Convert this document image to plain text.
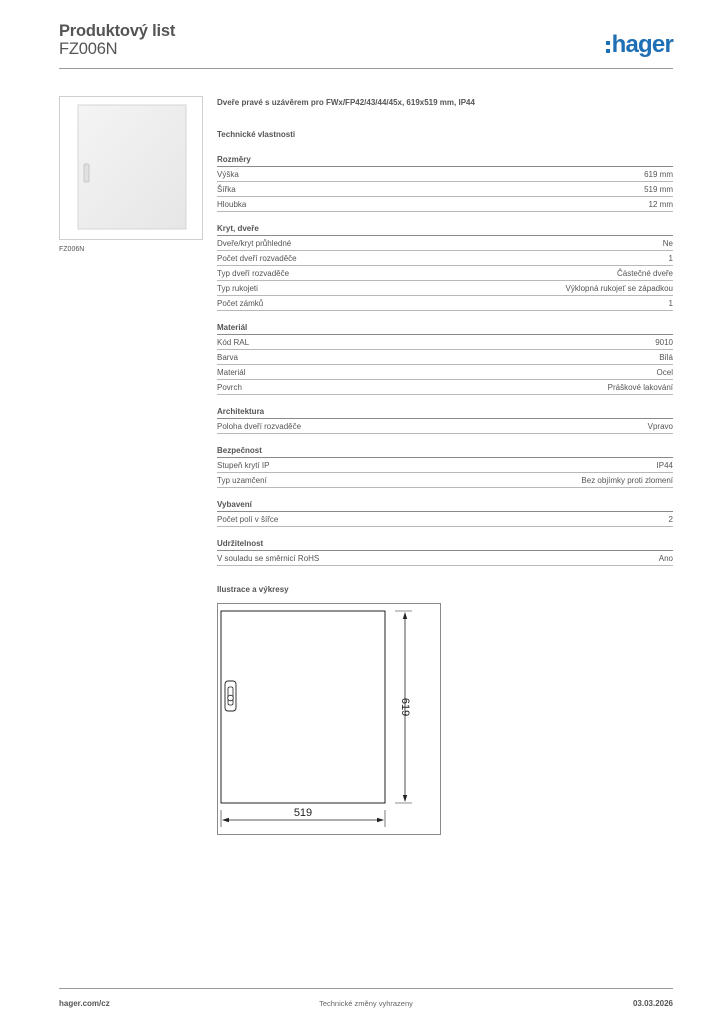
Produktový list
FZ006N	hager
FZ006N
Dveře pravé s uzávěrem pro FWx/FP42/43/44/45x, 619x519 mm, IP44
Technické vlastnosti
Rozměry
Výška	619 mm
Šířka	519 mm
Hloubka	12 mm
Kryt, dveře
Dveře/kryt průhledné	Ne
Počet dveří rozvaděče	1
Typ dveří rozvaděče	Částečné dveře
Typ rukojeti	Výklopná rukojeť se západkou
Počet zámků	1
Materiál
Kód RAL	9010
Barva	Bílá
Materiál	Ocel
Povrch	Práškové lakování
Architektura
Poloha dveří rozvaděče	Vpravo
Bezpečnost
Stupeň krytí IP	IP44
Typ uzamčení	Bez objímky proti zlomení
Vybavení
Počet polí v šířce	2
Udržitelnost
V souladu se směrnicí RoHS	Ano
Ilustrace a výkresy
619
519
hager.com/cz	Technické změny vyhrazeny	03.03.2026
